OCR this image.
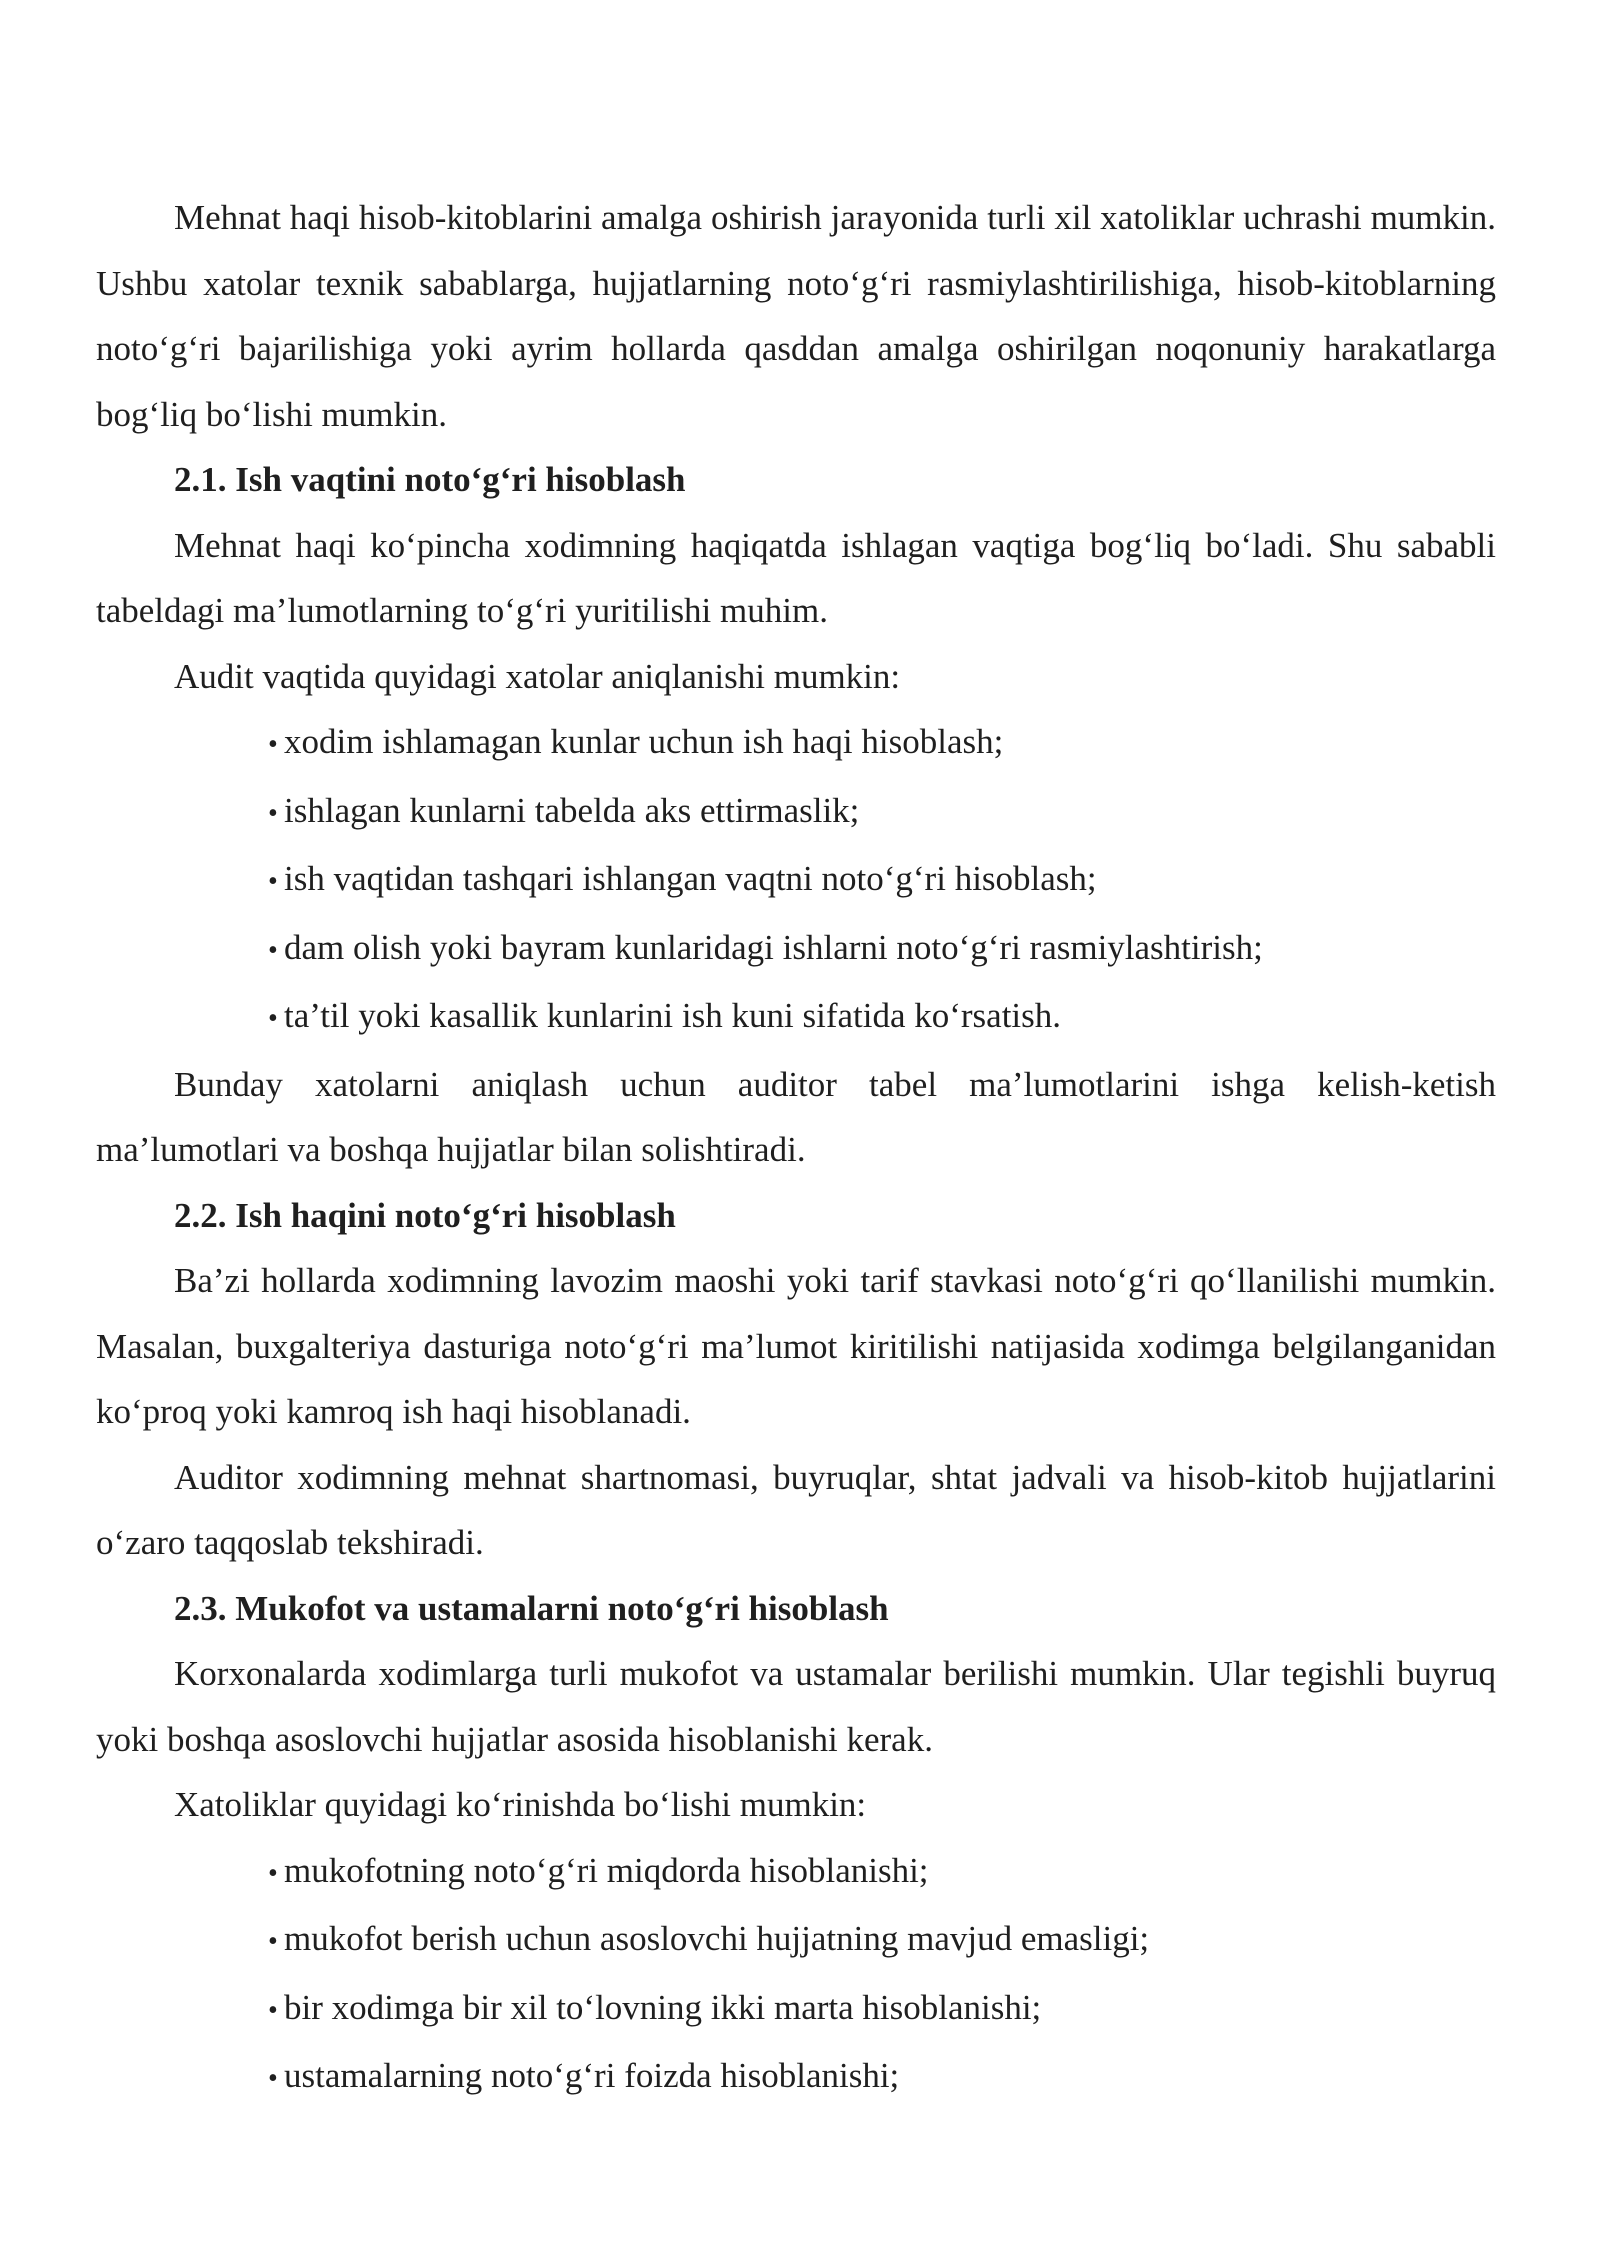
Mehnat haqi hisob-kitoblarini amalga oshirish jarayonida turli xil xatoliklar uchrashi mumkin. Ushbu xatolar texnik sabablarga, hujjatlarning noto‘g‘ri rasmiylashtirilishiga, hisob-kitoblarning noto‘g‘ri bajarilishiga yoki ayrim hollarda qasddan amalga oshirilgan noqonuniy harakatlarga bog‘liq bo‘lishi mumkin.

2.1. Ish vaqtini noto‘g‘ri hisoblash

Mehnat haqi ko‘pincha xodimning haqiqatda ishlagan vaqtiga bog‘liq bo‘ladi. Shu sababli tabeldagi ma’lumotlarning to‘g‘ri yuritilishi muhim.

Audit vaqtida quyidagi xatolar aniqlanishi mumkin:

• xodim ishlamagan kunlar uchun ish haqi hisoblash;
• ishlagan kunlarni tabelda aks ettirmaslik;
• ish vaqtidan tashqari ishlangan vaqtni noto‘g‘ri hisoblash;
• dam olish yoki bayram kunlaridagi ishlarni noto‘g‘ri rasmiylashtirish;
• ta’til yoki kasallik kunlarini ish kuni sifatida ko‘rsatish.

Bunday xatolarni aniqlash uchun auditor tabel ma’lumotlarini ishga kelish-ketish ma’lumotlari va boshqa hujjatlar bilan solishtiradi.

2.2. Ish haqini noto‘g‘ri hisoblash

Ba’zi hollarda xodimning lavozim maoshi yoki tarif stavkasi noto‘g‘ri qo‘llanilishi mumkin. Masalan, buxgalteriya dasturiga noto‘g‘ri ma’lumot kiritilishi natijasida xodimga belgilanganidan ko‘proq yoki kamroq ish haqi hisoblanadi.

Auditor xodimning mehnat shartnomasi, buyruqlar, shtat jadvali va hisob-kitob hujjatlarini o‘zaro taqqoslab tekshiradi.

2.3. Mukofot va ustamalarni noto‘g‘ri hisoblash

Korxonalarda xodimlarga turli mukofot va ustamalar berilishi mumkin. Ular tegishli buyruq yoki boshqa asoslovchi hujjatlar asosida hisoblanishi kerak.

Xatoliklar quyidagi ko‘rinishda bo‘lishi mumkin:

• mukofotning noto‘g‘ri miqdorda hisoblanishi;
• mukofot berish uchun asoslovchi hujjatning mavjud emasligi;
• bir xodimga bir xil to‘lovning ikki marta hisoblanishi;
• ustamalarning noto‘g‘ri foizda hisoblanishi;
